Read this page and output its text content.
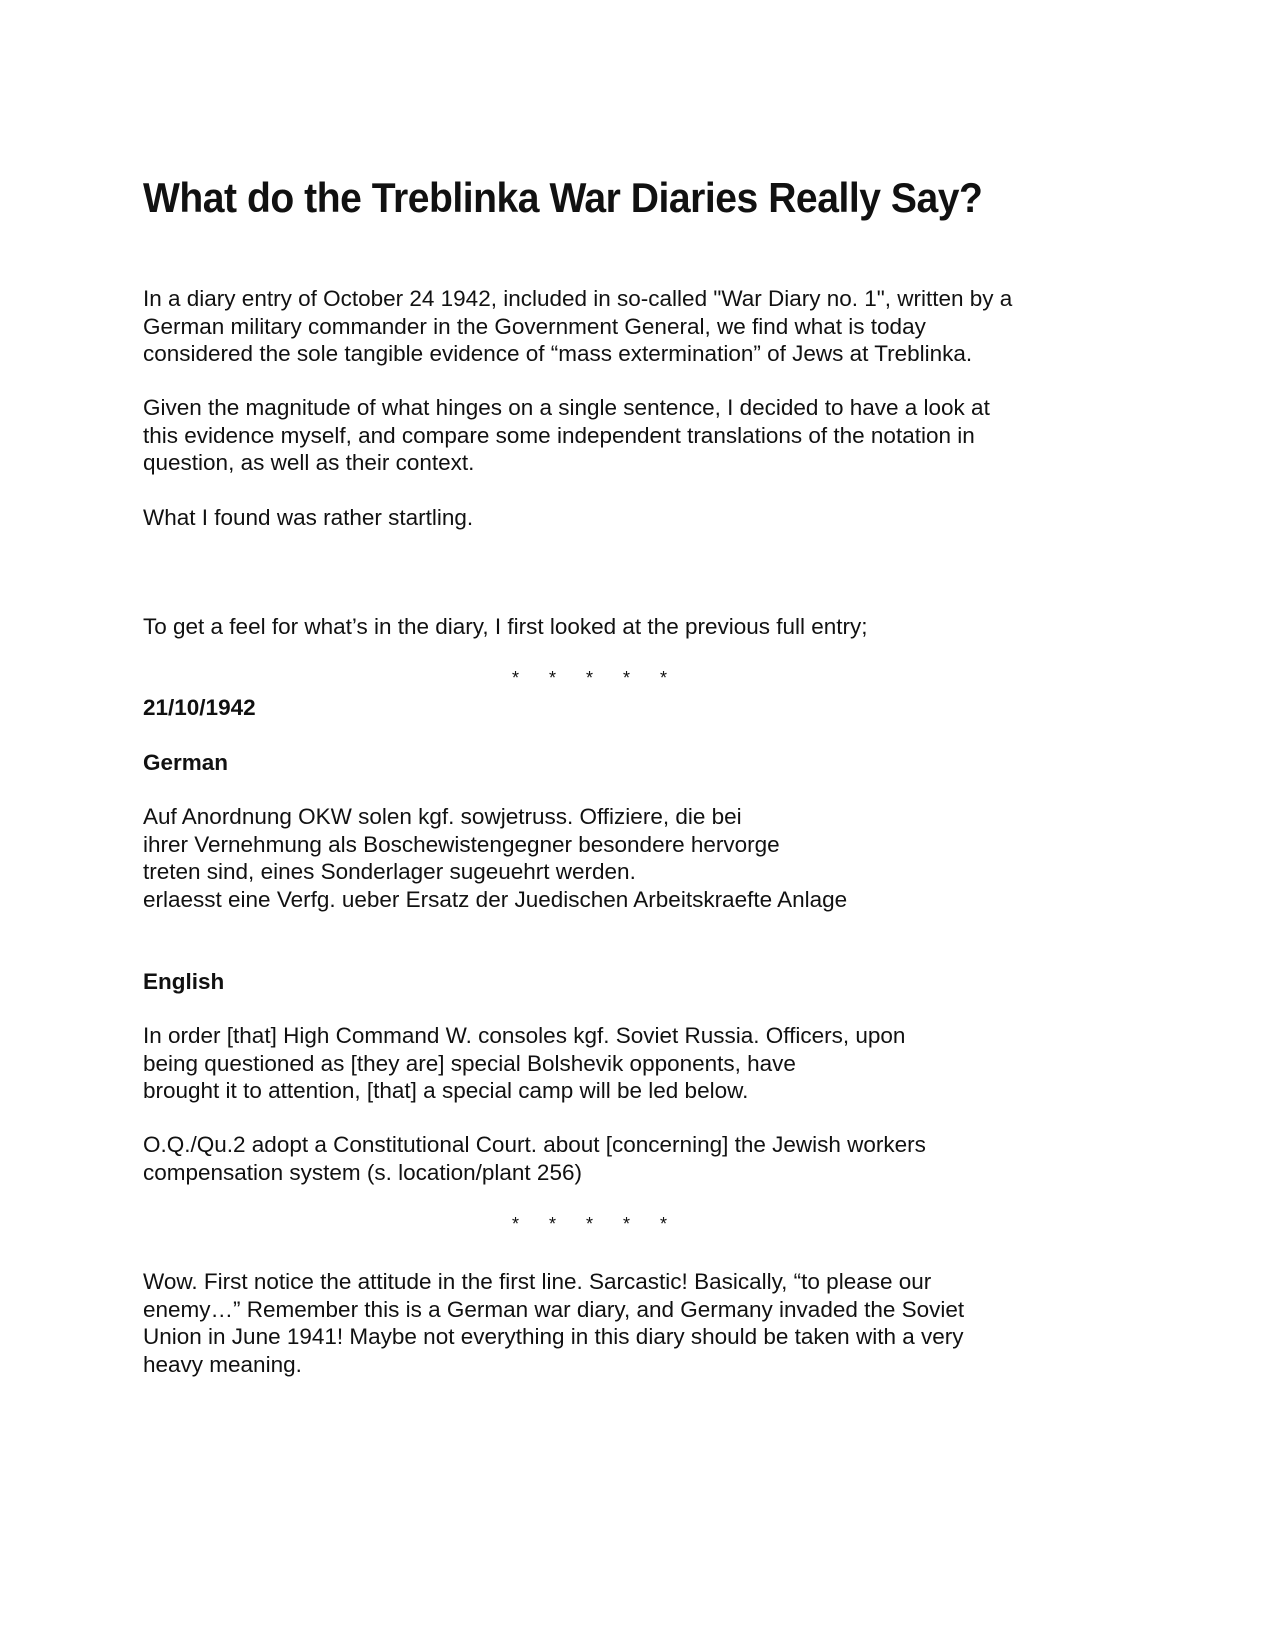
What do the Treblinka War Diaries Really Say?

In a diary entry of October 24 1942, included in so-called "War Diary no. 1", written by a
German military commander in the Government General, we find what is today
considered the sole tangible evidence of “mass extermination” of Jews at Treblinka.

Given the magnitude of what hinges on a single sentence, I decided to have a look at
this evidence myself, and compare some independent translations of the notation in
question, as well as their context.

What I found was rather startling.

To get a feel for what’s in the diary, I first looked at the previous full entry;

*      *      *      *      *

21/10/1942

German

Auf Anordnung OKW solen kgf. sowjetruss. Offiziere, die bei
ihrer Vernehmung als Boschewistengegner besondere hervorge
treten sind, eines Sonderlager sugeuehrt werden.
erlaesst eine Verfg. ueber Ersatz der Juedischen Arbeitskraefte Anlage

English

In order [that] High Command W. consoles kgf. Soviet Russia. Officers, upon
being questioned as [they are] special Bolshevik opponents, have
brought it to attention, [that] a special camp will be led below.

O.Q./Qu.2 adopt a Constitutional Court. about [concerning] the Jewish workers
compensation system (s. location/plant 256)

*      *      *      *      *

Wow. First notice the attitude in the first line. Sarcastic! Basically, “to please our
enemy…” Remember this is a German war diary, and Germany invaded the Soviet
Union in June 1941! Maybe not everything in this diary should be taken with a very
heavy meaning.
